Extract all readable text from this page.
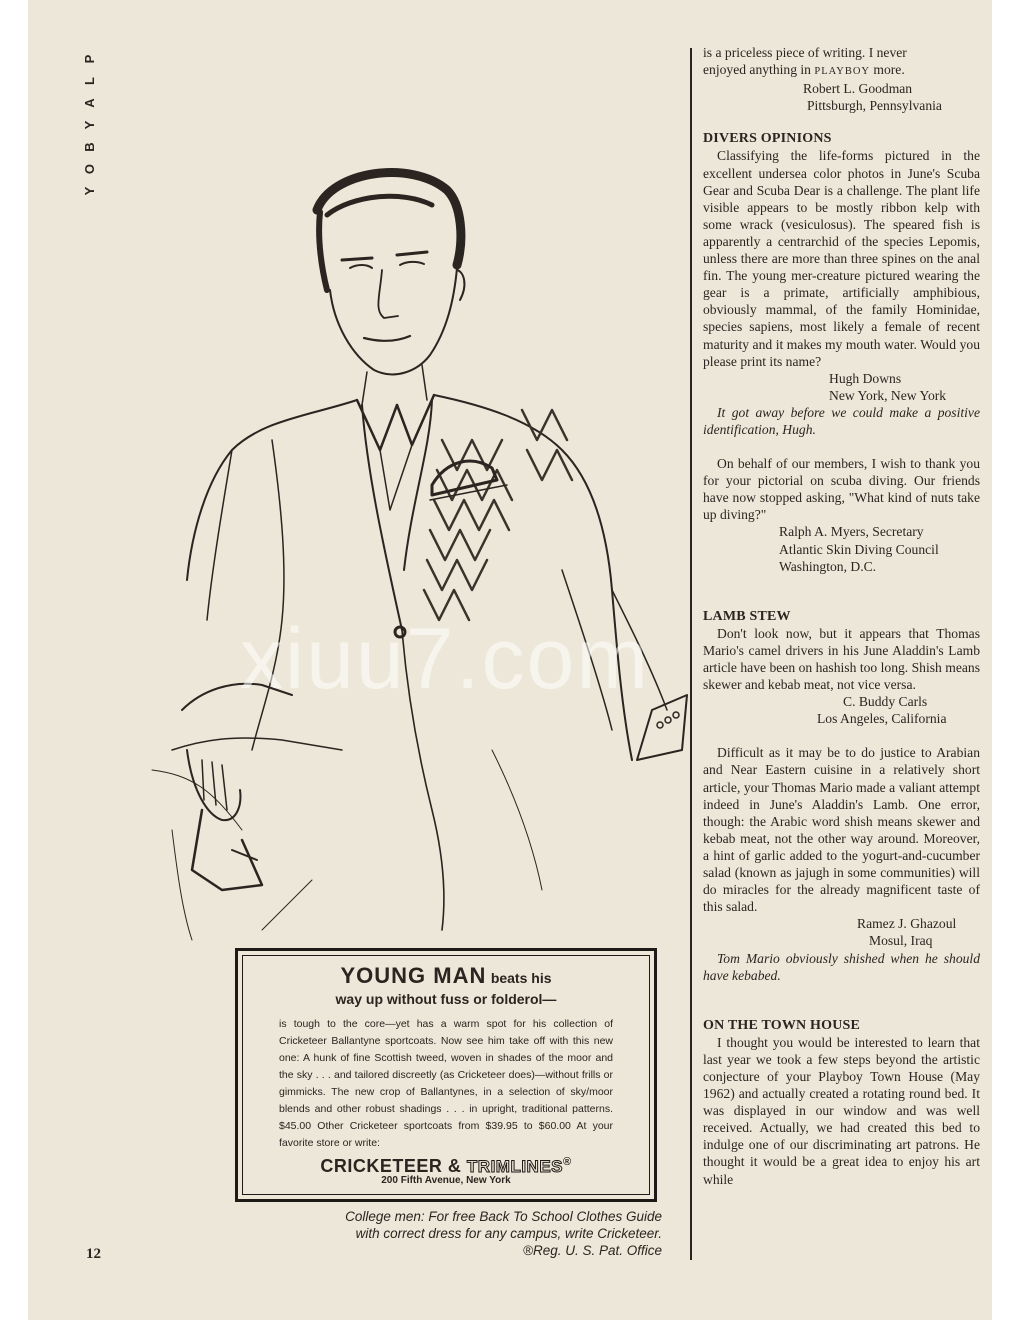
P
L
A
Y
B
O
Y
YOUNG MAN beats his
way up without fuss or folderol—
is tough to the core—yet has a warm spot for his collection of Cricketeer Ballantyne sportcoats. Now see him take off with this new one: A hunk of fine Scottish tweed, woven in shades of the moor and the sky . . . and tailored discreetly (as Cricketeer does)—without frills or gimmicks. The new crop of Ballantynes, in a selection of sky/moor blends and other robust shadings . . . in upright, traditional patterns. $45.00 Other Cricketeer sportcoats from $39.95 to $60.00 At your favorite store or write:
CRICKETEER & TRIMLINES®
200 Fifth Avenue, New York
College men: For free Back To School Clothes Guide
with correct dress for any campus, write Cricketeer.
®Reg. U. S. Pat. Office
12

is a priceless piece of writing. I never

enjoyed anything in PLAYBOY more.

Robert L. Goodman

Pittsburgh, Pennsylvania

DIVERS OPINIONS

Classifying the life-forms pictured in the excellent undersea color photos in June's Scuba Gear and Scuba Dear is a challenge. The plant life visible appears to be mostly ribbon kelp with some wrack (vesiculosus). The speared fish is apparently a centrarchid of the species Lepomis, unless there are more than three spines on the anal fin. The young mer-creature pictured wearing the gear is a primate, artificially amphibious, obviously mammal, of the family Hominidae, species sapiens, most likely a female of recent maturity and it makes my mouth water. Would you please print its name?

Hugh Downs

New York, New York

It got away before we could make a positive identification, Hugh.

On behalf of our members, I wish to thank you for your pictorial on scuba diving. Our friends have now stopped asking, "What kind of nuts take up diving?"

Ralph A. Myers, Secretary

Atlantic Skin Diving Council

Washington, D.C.

LAMB STEW

Don't look now, but it appears that Thomas Mario's camel drivers in his June Aladdin's Lamb article have been on hashish too long. Shish means skewer and kebab meat, not vice versa.

C. Buddy Carls

Los Angeles, California

Difficult as it may be to do justice to Arabian and Near Eastern cuisine in a relatively short article, your Thomas Mario made a valiant attempt indeed in June's Aladdin's Lamb. One error, though: the Arabic word shish means skewer and kebab meat, not the other way around. Moreover, a hint of garlic added to the yogurt-and-cucumber salad (known as jajugh in some communities) will do miracles for the already magnificent taste of this salad.

Ramez J. Ghazoul

Mosul, Iraq

Tom Mario obviously shished when he should have kebabed.

ON THE TOWN HOUSE

I thought you would be interested to learn that last year we took a few steps beyond the artistic conjecture of your Playboy Town House (May 1962) and actually created a rotating round bed. It was displayed in our window and was well received. Actually, we had created this bed to indulge one of our discriminating art patrons. He thought it would be a great idea to enjoy his art while

xiuu7.com
